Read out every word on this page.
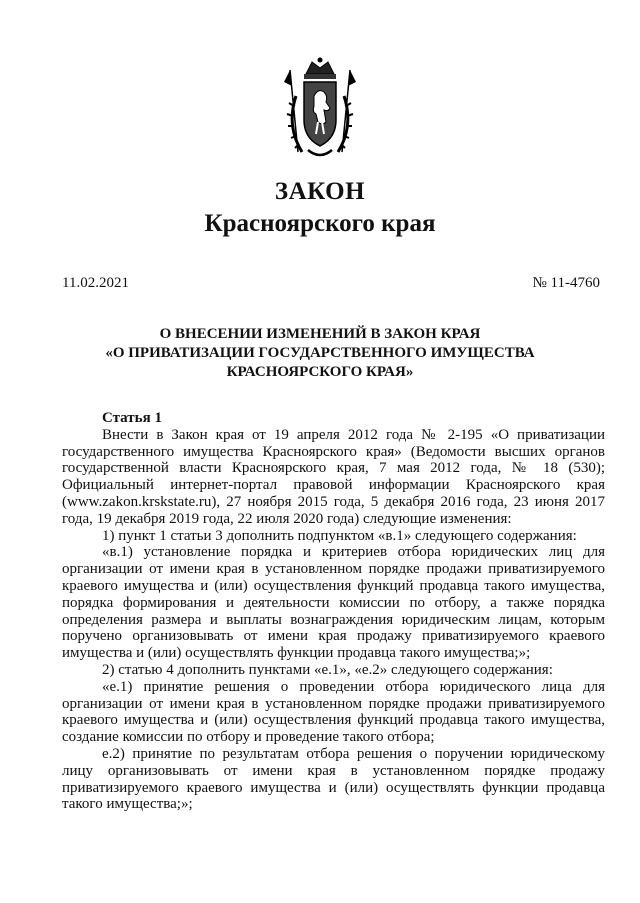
ЗАКОН
Красноярского края
11.02.2021	№ 11-4760
О ВНЕСЕНИИ ИЗМЕНЕНИЙ В ЗАКОН КРАЯ
«О ПРИВАТИЗАЦИИ ГОСУДАРСТВЕННОГО ИМУЩЕСТВА
КРАСНОЯРСКОГО КРАЯ»
Статья 1

Внести в Закон края от 19 апреля 2012 года № 2-195 «О приватизации государственного имущества Красноярского края» (Ведомости высших органов государственной власти Красноярского края, 7 мая 2012 года, № 18 (530); Официальный интернет-портал правовой информации Красноярского края (www.zakon.krskstate.ru), 27 ноября 2015 года, 5 декабря 2016 года, 23 июня 2017 года, 19 декабря 2019 года, 22 июля 2020 года) следующие изменения:

1) пункт 1 статьи 3 дополнить подпунктом «в.1» следующего содержания:

«в.1) установление порядка и критериев отбора юридических лиц для организации от имени края в установленном порядке продажи приватизируемого краевого имущества и (или) осуществления функций продавца такого имущества, порядка формирования и деятельности комиссии по отбору, а также порядка определения размера и выплаты вознаграждения юридическим лицам, которым поручено организовывать от имени края продажу приватизируемого краевого имущества и (или) осуществлять функции продавца такого имущества;»;

2) статью 4 дополнить пунктами «е.1», «е.2» следующего содержания:

«е.1) принятие решения о проведении отбора юридического лица для организации от имени края в установленном порядке продажи приватизируемого краевого имущества и (или) осуществления функций продавца такого имущества, создание комиссии по отбору и проведение такого отбора;

е.2) принятие по результатам отбора решения о поручении юридическому лицу организовывать от имени края в установленном порядке продажу приватизируемого краевого имущества и (или) осуществлять функции продавца такого имущества;»;
